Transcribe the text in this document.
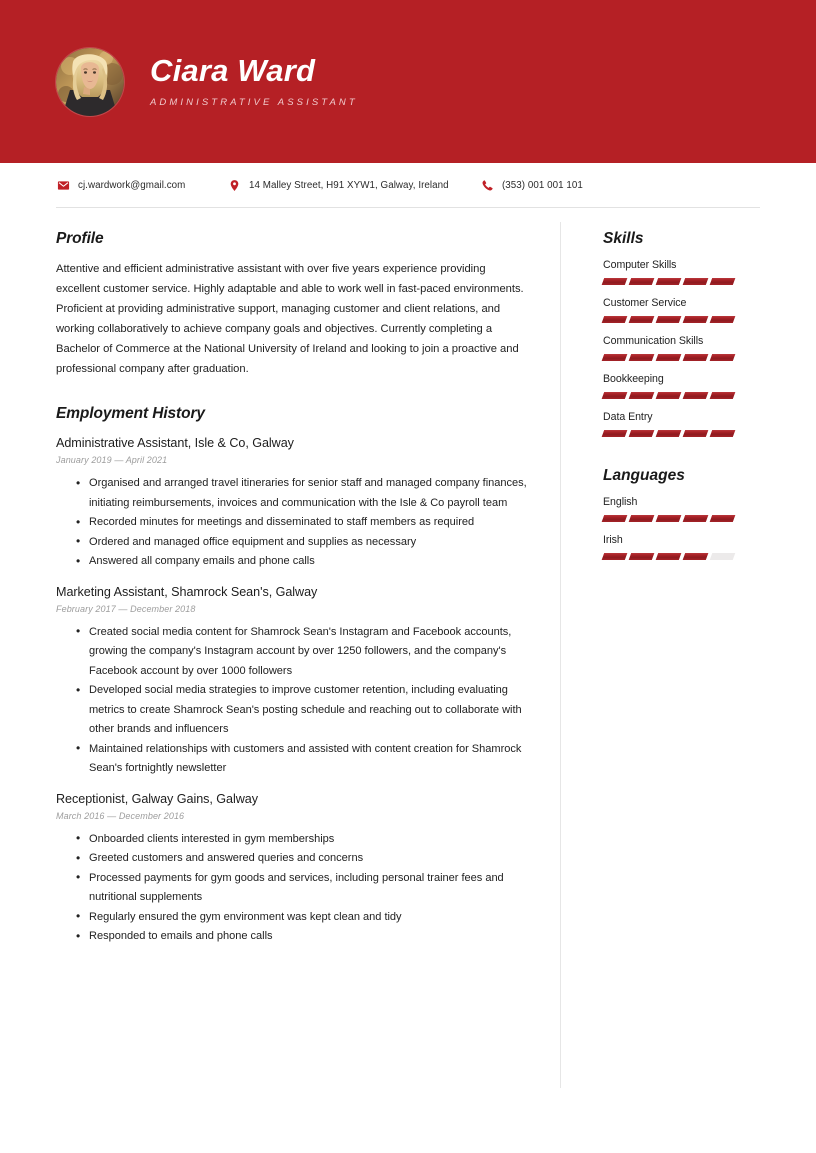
Ciara Ward
ADMINISTRATIVE ASSISTANT
cj.wardwork@gmail.com	14 Malley Street, H91 XYW1, Galway, Ireland	(353) 001 001 101
Profile
Attentive and efficient administrative assistant with over five years experience providing excellent customer service. Highly adaptable and able to work well in fast-paced environments. Proficient at providing administrative support, managing customer and client relations, and working collaboratively to achieve company goals and objectives. Currently completing a Bachelor of Commerce at the National University of Ireland and looking to join a proactive and professional company after graduation.
Employment History
Administrative Assistant, Isle & Co, Galway
January 2019 — April 2021
• Organised and arranged travel itineraries for senior staff and managed company finances, initiating reimbursements, invoices and communication with the Isle & Co payroll team
• Recorded minutes for meetings and disseminated to staff members as required
• Ordered and managed office equipment and supplies as necessary
• Answered all company emails and phone calls
Marketing Assistant, Shamrock Sean's, Galway
February 2017 — December 2018
• Created social media content for Shamrock Sean's Instagram and Facebook accounts, growing the company's Instagram account by over 1250 followers, and the company's Facebook account by over 1000 followers
• Developed social media strategies to improve customer retention, including evaluating metrics to create Shamrock Sean's posting schedule and reaching out to collaborate with other brands and influencers
• Maintained relationships with customers and assisted with content creation for Shamrock Sean's fortnightly newsletter
Receptionist, Galway Gains, Galway
March 2016 — December 2016
• Onboarded clients interested in gym memberships
• Greeted customers and answered queries and concerns
• Processed payments for gym goods and services, including personal trainer fees and nutritional supplements
• Regularly ensured the gym environment was kept clean and tidy
• Responded to emails and phone calls
Skills
Computer Skills
Customer Service
Communication Skills
Bookkeeping
Data Entry
Languages
English
Irish
